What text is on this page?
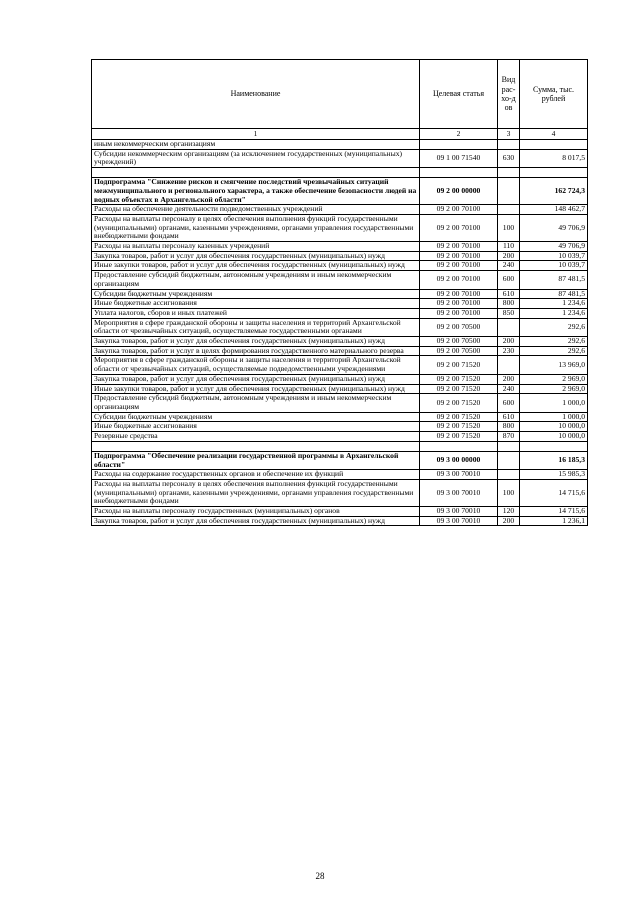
Наименование	Целевая статья	Вид рас-хо-дов	Сумма, тыс. рублей
1	2	3	4
иным некоммерческим организациям			
Субсидии некоммерческим организациям (за исключением государственных (муниципальных) учреждений)	09 1 00 71540	630	8 017,5

Подпрограмма "Снижение рисков и смягчение последствий чрезвычайных ситуаций межмуниципального и регионального характера, а также обеспечение безопасности людей на водных объектах в Архангельской области"	09 2 00 00000		162 724,3
Расходы на обеспечение деятельности подведомственных учреждений	09 2 00 70100		148 462,7
Расходы на выплаты персоналу в целях обеспечения выполнения функций государственными (муниципальными) органами, казенными учреждениями, органами управления государственными внебюджетными фондами	09 2 00 70100	100	49 706,9
Расходы на выплаты персоналу казенных учреждений	09 2 00 70100	110	49 706,9
Закупка товаров, работ и услуг для обеспечения государственных (муниципальных) нужд	09 2 00 70100	200	10 039,7
Иные закупки товаров, работ и услуг для обеспечения государственных (муниципальных) нужд	09 2 00 70100	240	10 039,7
Предоставление субсидий бюджетным, автономным учреждениям и иным некоммерческим организациям	09 2 00 70100	600	87 481,5
Субсидии бюджетным учреждениям	09 2 00 70100	610	87 481,5
Иные бюджетные ассигнования	09 2 00 70100	800	1 234,6
Уплата налогов, сборов и иных платежей	09 2 00 70100	850	1 234,6
Мероприятия в сфере гражданской обороны и защиты населения и территорий Архангельской области от чрезвычайных ситуаций, осуществляемые государственными органами	09 2 00 70500		292,6
Закупка товаров, работ и услуг для обеспечения государственных (муниципальных) нужд	09 2 00 70500	200	292,6
Закупка товаров, работ и услуг в целях формирования государственного материального резерва	09 2 00 70500	230	292,6
Мероприятия в сфере гражданской обороны и защиты населения и территорий Архангельской области от чрезвычайных ситуаций, осуществляемые подведомственными учреждениями	09 2 00 71520		13 969,0
Закупка товаров, работ и услуг для обеспечения государственных (муниципальных) нужд	09 2 00 71520	200	2 969,0
Иные закупки товаров, работ и услуг для обеспечения государственных (муниципальных) нужд	09 2 00 71520	240	2 969,0
Предоставление субсидий бюджетным, автономным учреждениям и иным некоммерческим организациям	09 2 00 71520	600	1 000,0
Субсидии бюджетным учреждениям	09 2 00 71520	610	1 000,0
Иные бюджетные ассигнования	09 2 00 71520	800	10 000,0
Резервные средства	09 2 00 71520	870	10 000,0

Подпрограмма "Обеспечение реализации государственной программы в Архангельской области"	09 3 00 00000		16 185,3
Расходы на содержание государственных органов и обеспечение их функций	09 3 00 70010		15 985,3
Расходы на выплаты персоналу в целях обеспечения выполнения функций государственными (муниципальными) органами, казенными учреждениями, органами управления государственными внебюджетными фондами	09 3 00 70010	100	14 715,6
Расходы на выплаты персоналу государственных (муниципальных) органов	09 3 00 70010	120	14 715,6
Закупка товаров, работ и услуг для обеспечения государственных (муниципальных) нужд	09 3 00 70010	200	1 236,1
28
